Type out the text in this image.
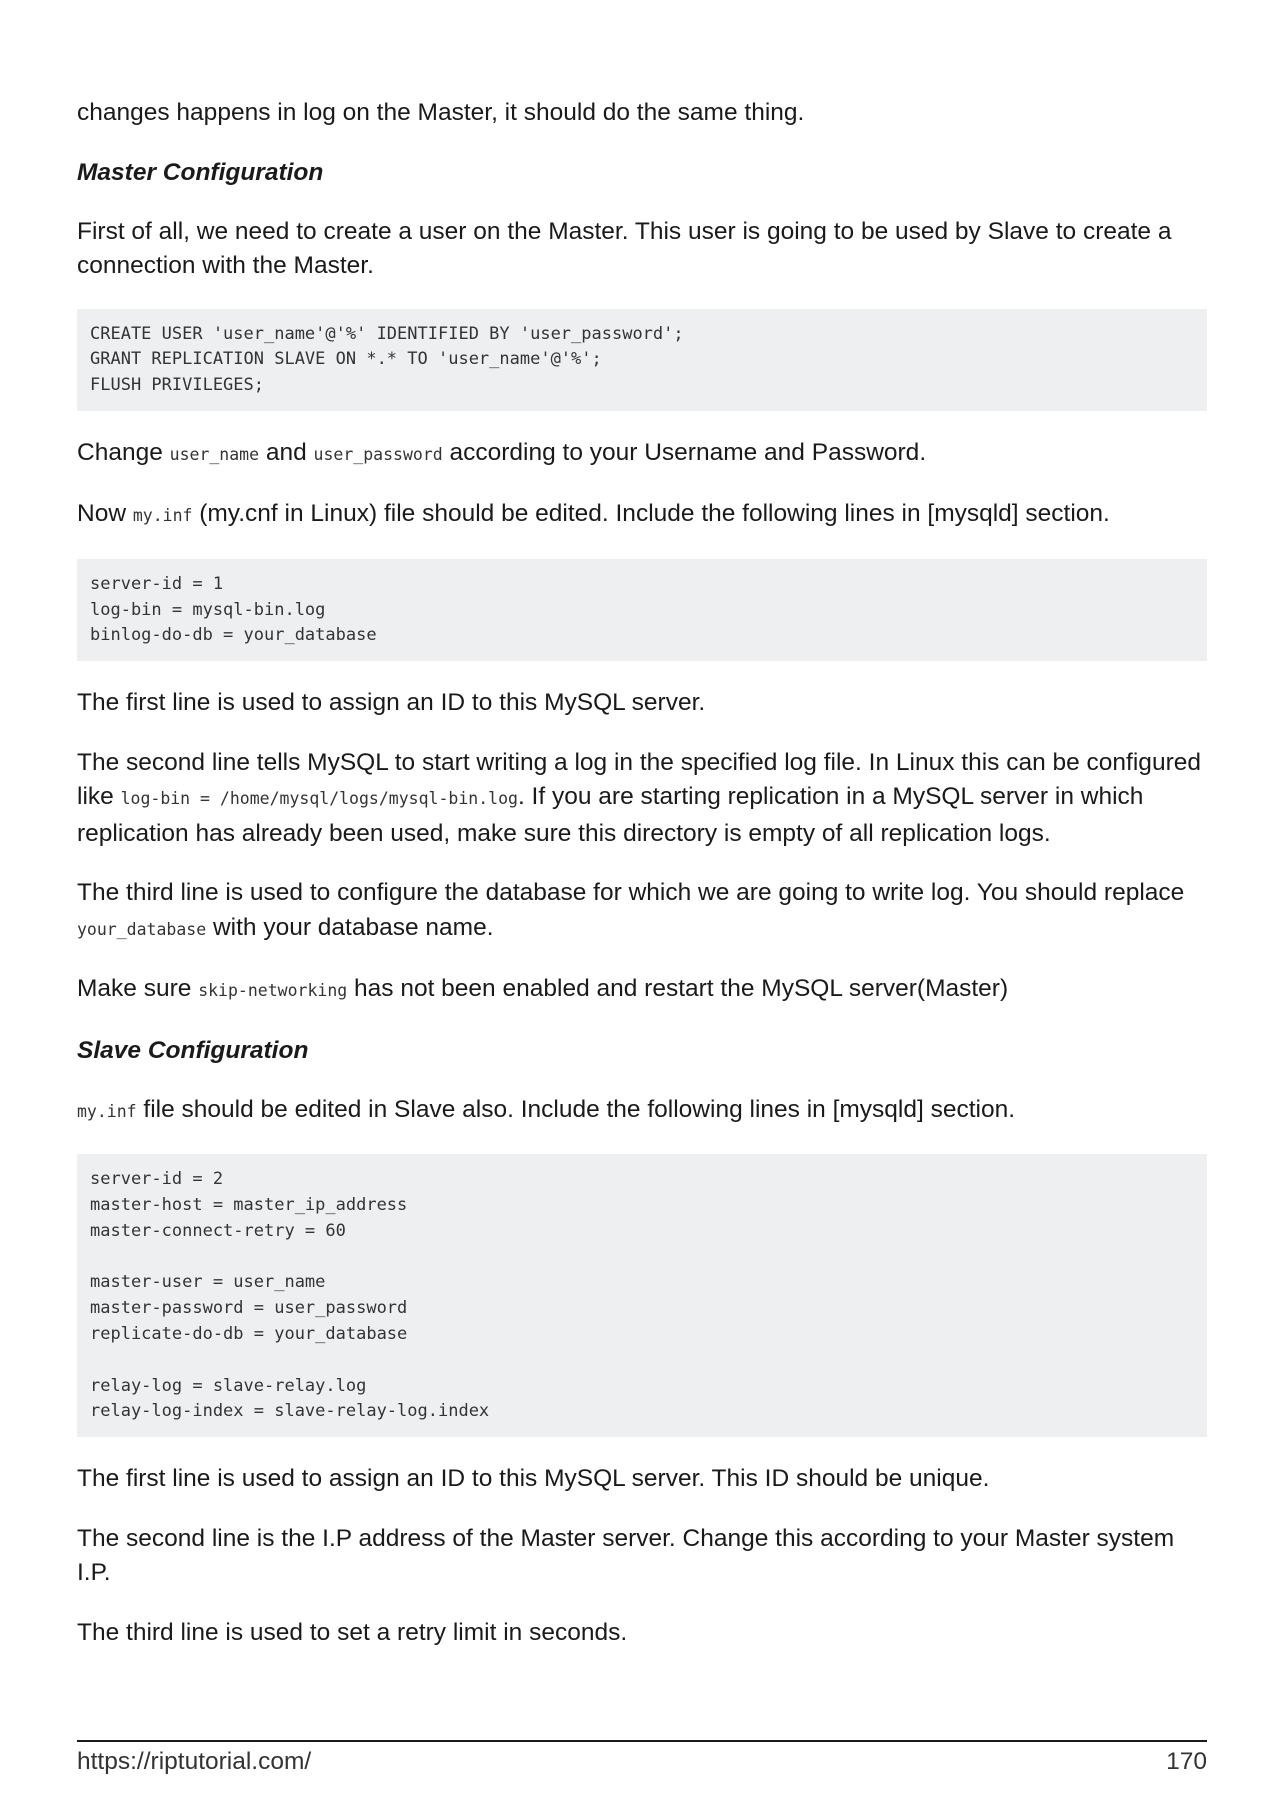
changes happens in log on the Master, it should do the same thing.

Master Configuration

First of all, we need to create a user on the Master. This user is going to be used by Slave to create a connection with the Master.

CREATE USER 'user_name'@'%' IDENTIFIED BY 'user_password';
GRANT REPLICATION SLAVE ON *.* TO 'user_name'@'%';
FLUSH PRIVILEGES;

Change user_name and user_password according to your Username and Password.

Now my.inf (my.cnf in Linux) file should be edited. Include the following lines in [mysqld] section.

server-id = 1
log-bin = mysql-bin.log
binlog-do-db = your_database

The first line is used to assign an ID to this MySQL server.

The second line tells MySQL to start writing a log in the specified log file. In Linux this can be configured like log-bin = /home/mysql/logs/mysql-bin.log. If you are starting replication in a MySQL server in which replication has already been used, make sure this directory is empty of all replication logs.

The third line is used to configure the database for which we are going to write log. You should replace your_database with your database name.

Make sure skip-networking has not been enabled and restart the MySQL server(Master)

Slave Configuration

my.inf file should be edited in Slave also. Include the following lines in [mysqld] section.

server-id = 2
master-host = master_ip_address
master-connect-retry = 60

master-user = user_name
master-password = user_password
replicate-do-db = your_database

relay-log = slave-relay.log
relay-log-index = slave-relay-log.index

The first line is used to assign an ID to this MySQL server. This ID should be unique.

The second line is the I.P address of the Master server. Change this according to your Master system I.P.

The third line is used to set a retry limit in seconds.

https://riptutorial.com/	170
